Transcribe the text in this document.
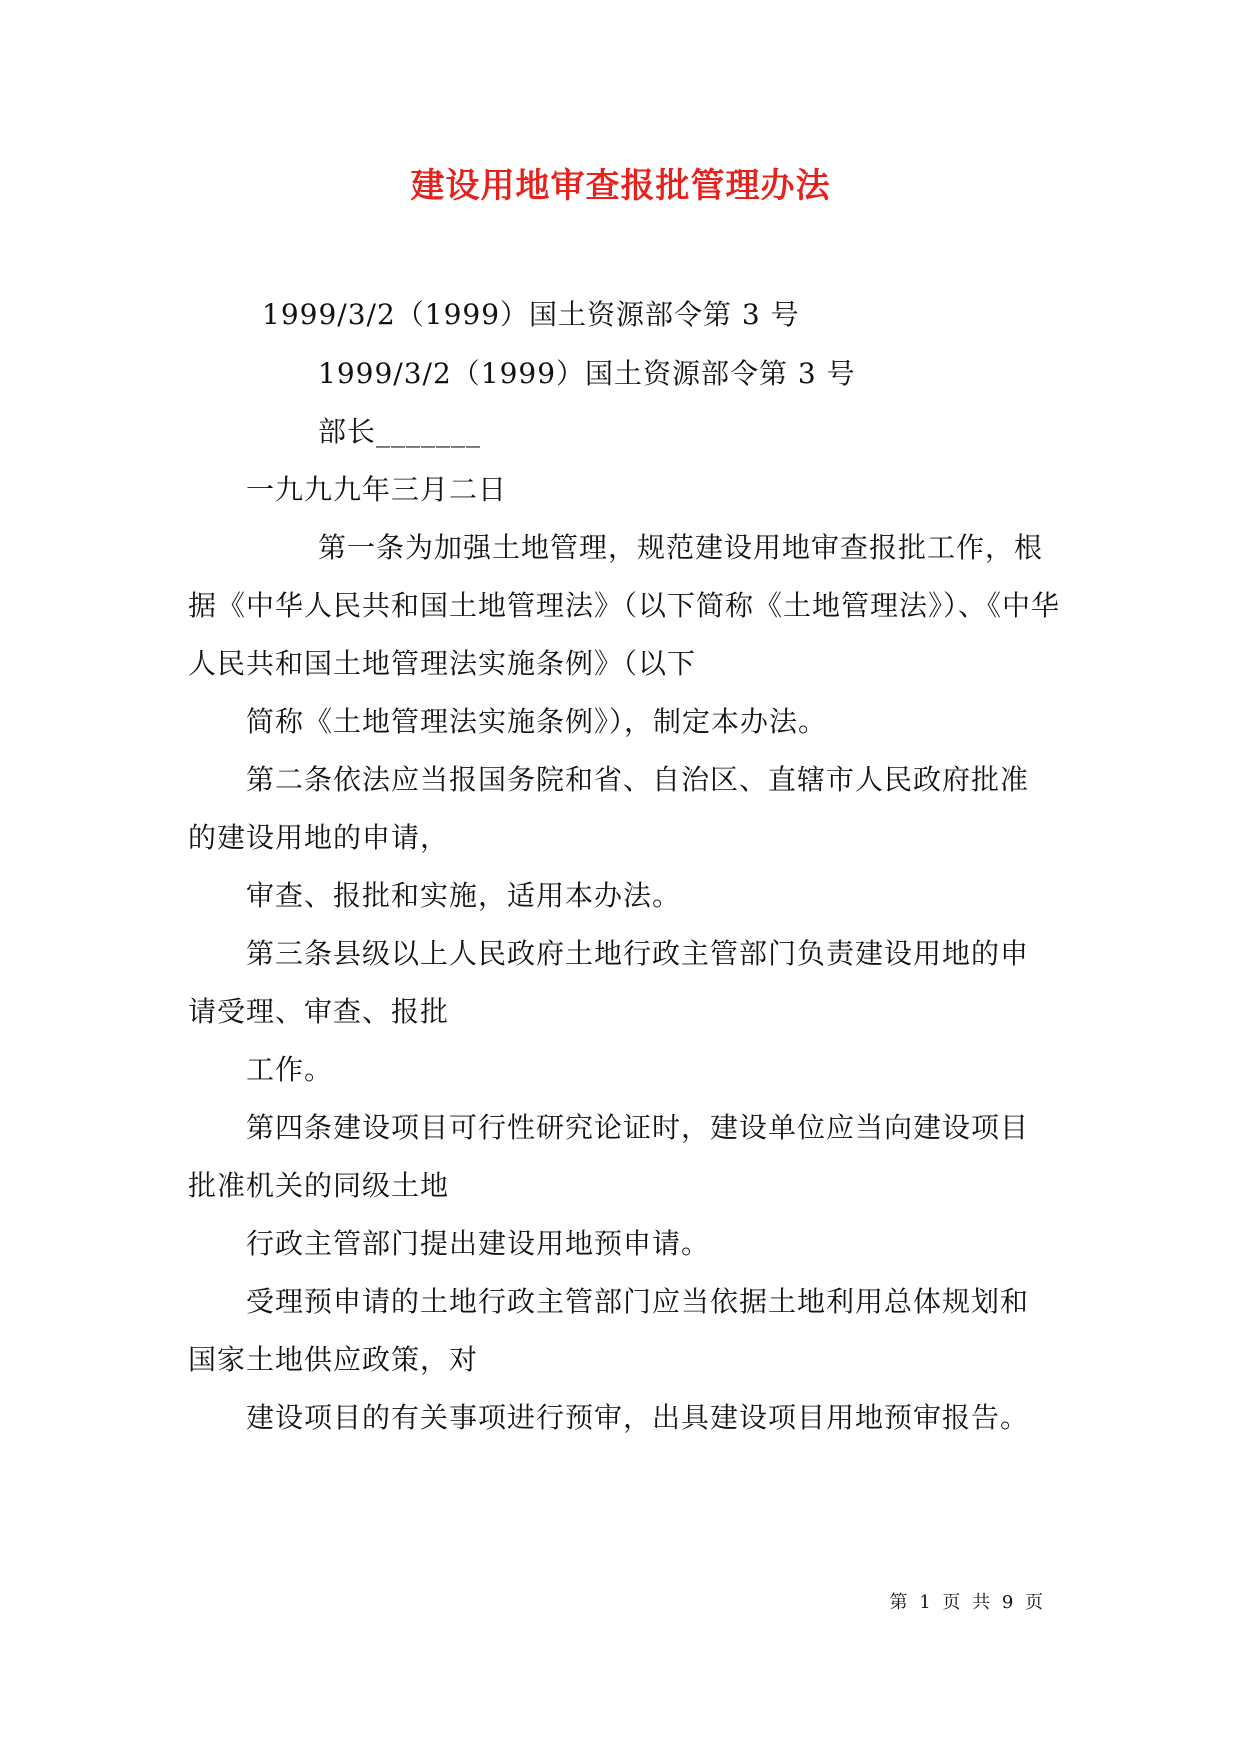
建设用地审查报批管理办法
1999/3/2（1999）国土资源部令第 3 号
1999/3/2（1999）国土资源部令第 3 号
部长_______
一九九九年三月二日
第一条为加强土地管理，规范建设用地审查报批工作，根
据《中华人民共和国土地管理法》（以下简称《土地管理法》）、《中华
人民共和国土地管理法实施条例》（以下
简称《土地管理法实施条例》），制定本办法。
第二条依法应当报国务院和省、自治区、直辖市人民政府批准
的建设用地的申请，
审查、报批和实施，适用本办法。
第三条县级以上人民政府土地行政主管部门负责建设用地的申
请受理、审查、报批
工作。
第四条建设项目可行性研究论证时，建设单位应当向建设项目
批准机关的同级土地
行政主管部门提出建设用地预申请。
受理预申请的土地行政主管部门应当依据土地利用总体规划和
国家土地供应政策，对
建设项目的有关事项进行预审，出具建设项目用地预审报告。
第 1 页 共 9 页
